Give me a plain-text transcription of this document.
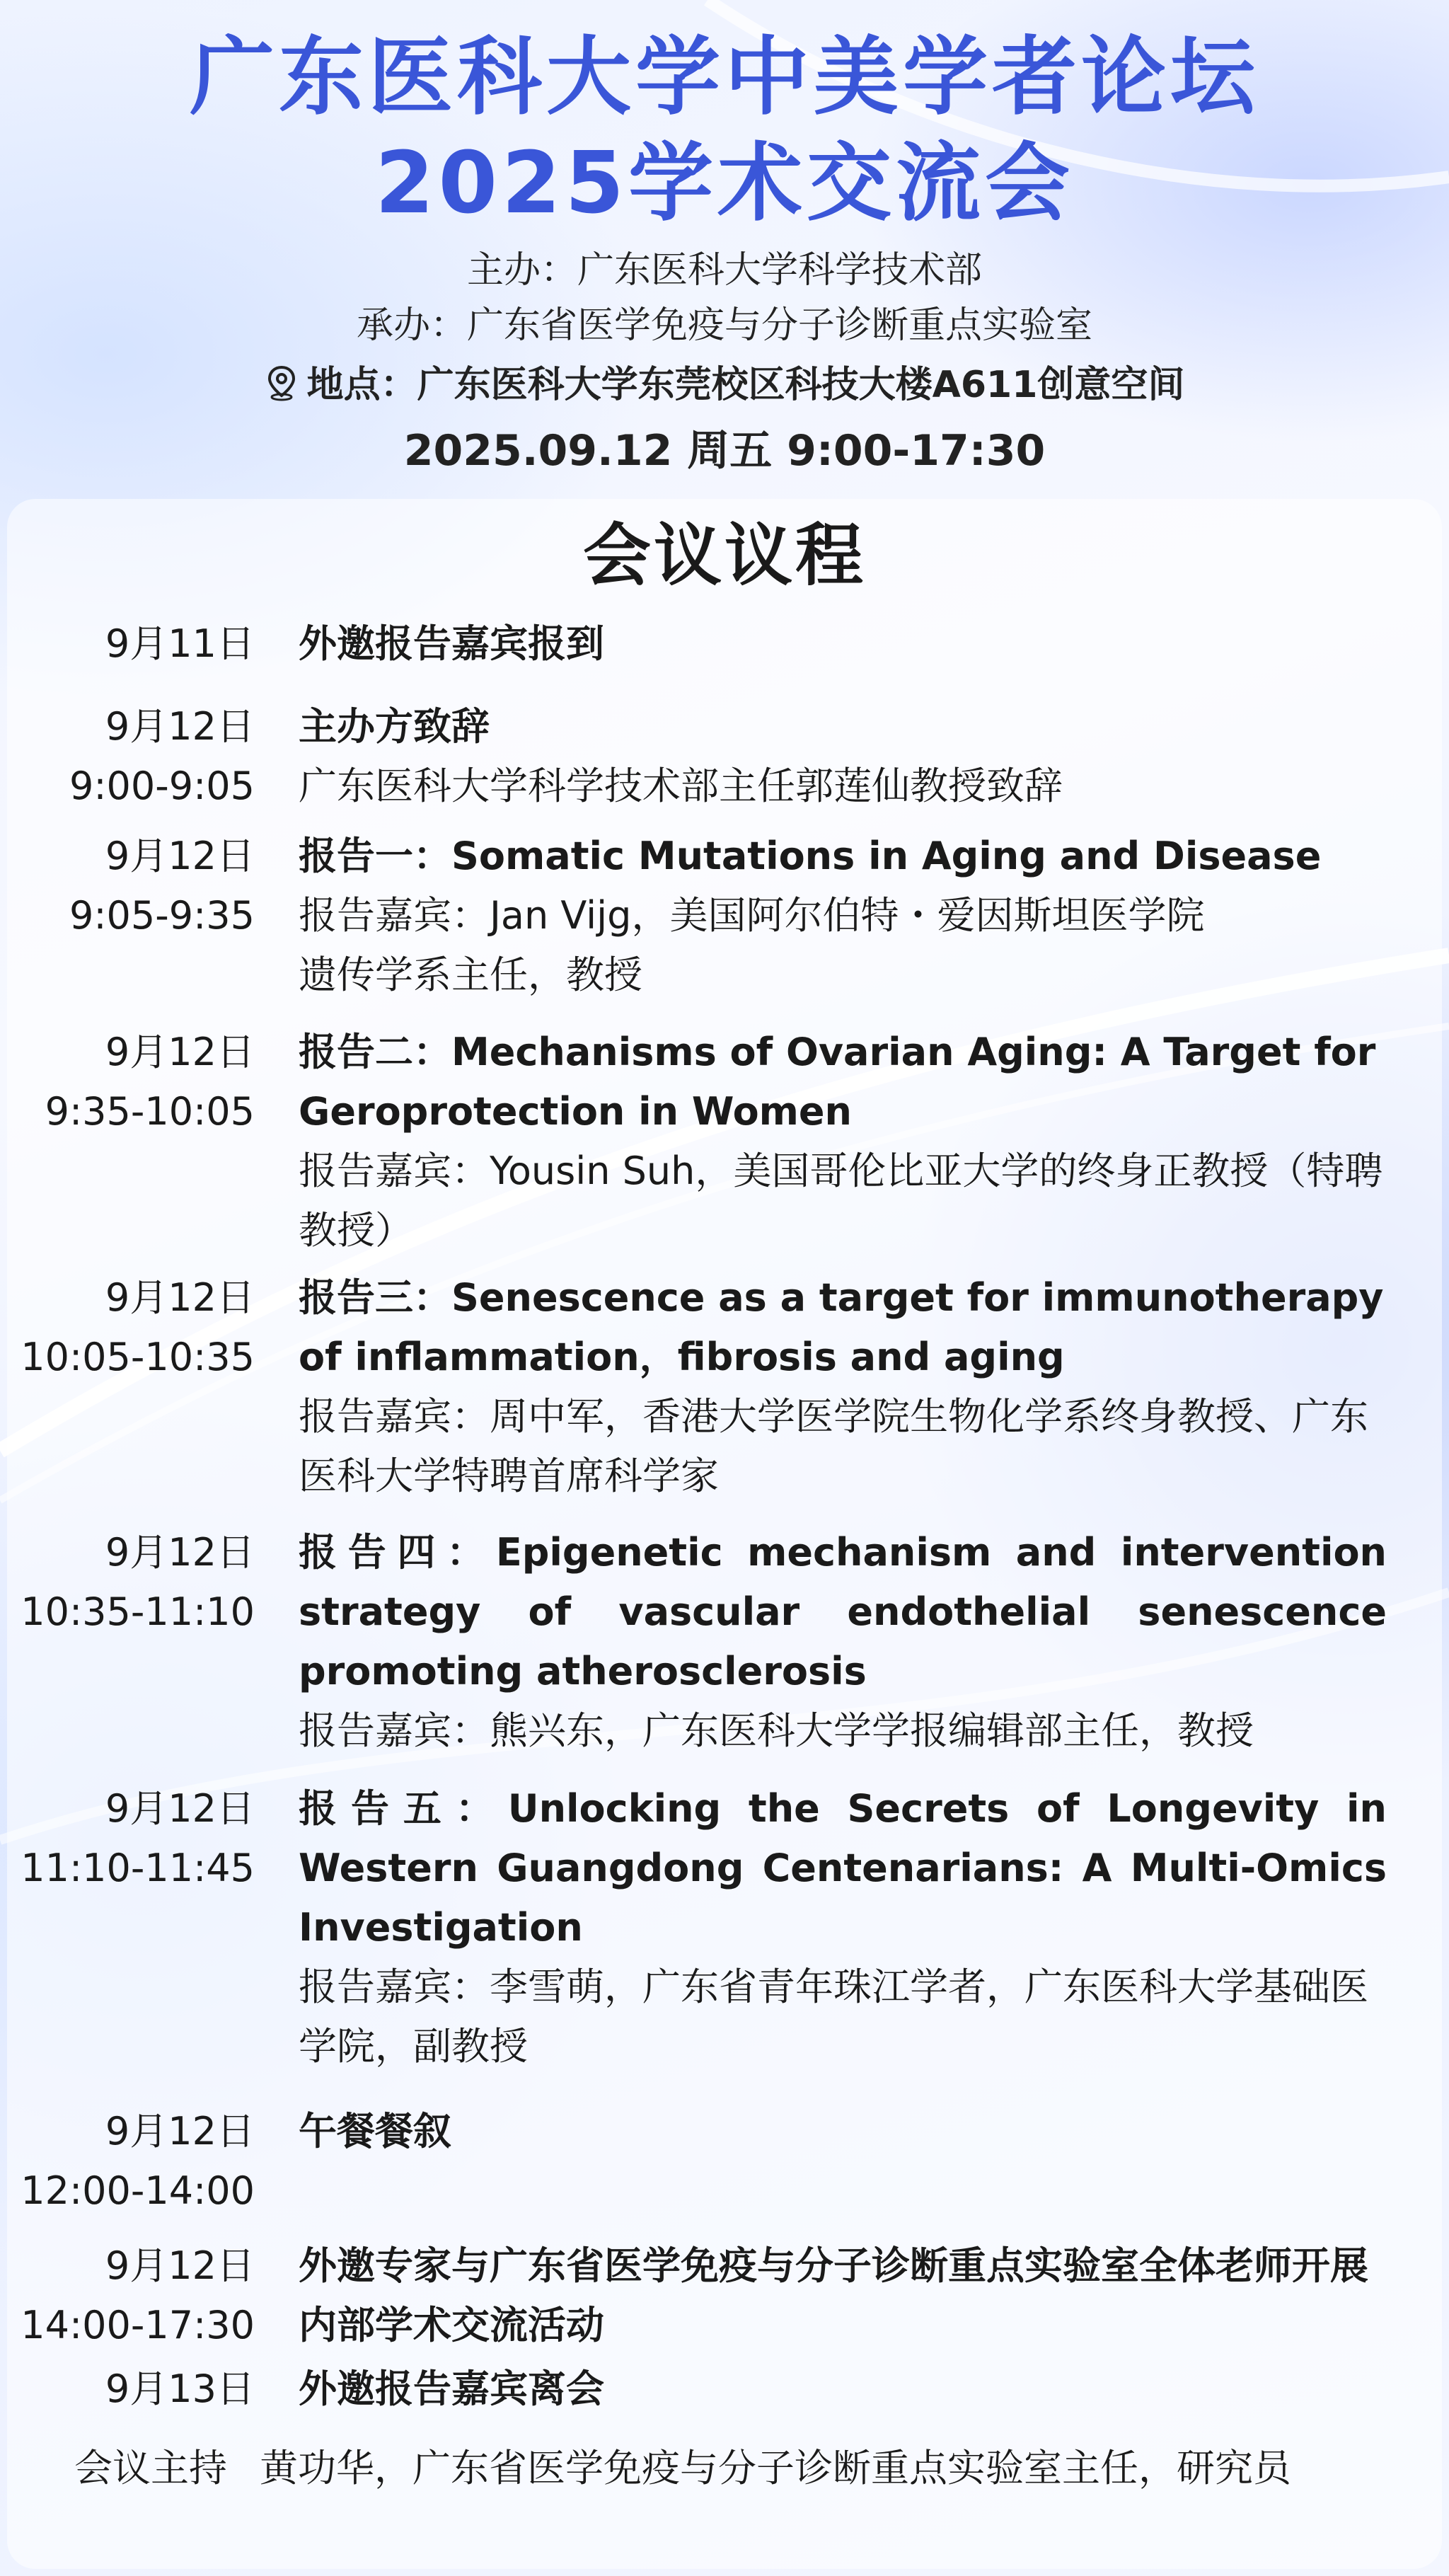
广东医科大学中美学者论坛
2025学术交流会
主办：广东医科大学科学技术部
承办：广东省医学免疫与分子诊断重点实验室
地点：广东医科大学东莞校区科技大楼A611创意空间
2025.09.12 周五 9:00-17:30
会议议程
9月11日 外邀报告嘉宾报到

9月12日
9:00-9:05

主办方致辞

广东医科大学科学技术部主任郭莲仙教授致辞

9月12日
9:05-9:35

报告一：Somatic Mutations in Aging and Disease

报告嘉宾：Jan Vijg，美国阿尔伯特・爱因斯坦医学院

遗传学系主任，教授

9月12日
9:35-10:05

报告二：Mechanisms of Ovarian Aging: A Target for Geroprotection in Women

报告嘉宾：Yousin Suh，美国哥伦比亚大学的终身正教授（特聘教授）

9月12日
10:05-10:35

报告三：Senescence as a target for immunotherapy of inflammation，fibrosis and aging

报告嘉宾：周中军，香港大学医学院生物化学系终身教授、广东医科大学特聘首席科学家

9月12日
10:35-11:10

报告四：Epigenetic mechanism and intervention strategy of vascular endothelial senescence promoting atherosclerosis

报告嘉宾：熊兴东，广东医科大学学报编辑部主任，教授

9月12日
11:10-11:45

报告五：Unlocking the Secrets of Longevity in Western Guangdong Centenarians: A Multi-Omics Investigation

报告嘉宾：李雪萌，广东省青年珠江学者，广东医科大学基础医学院，副教授

9月12日
12:00-14:00

午餐餐叙

9月12日
14:00-17:30

外邀专家与广东省医学免疫与分子诊断重点实验室全体老师开展内部学术交流活动

9月13日 外邀报告嘉宾离会

会议主持 黄功华，广东省医学免疫与分子诊断重点实验室主任，研究员
